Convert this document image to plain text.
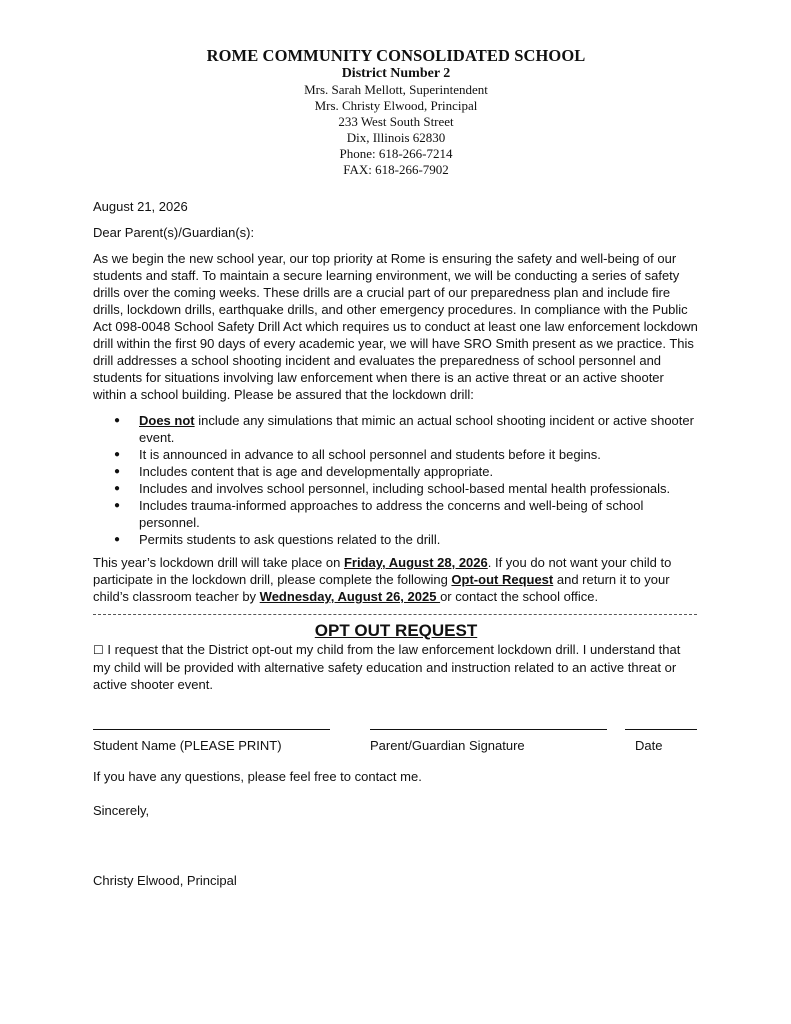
ROME COMMUNITY CONSOLIDATED SCHOOL
District Number 2
Mrs. Sarah Mellott, Superintendent
Mrs. Christy Elwood, Principal
233 West South Street
Dix, Illinois 62830
Phone: 618-266-7214
FAX: 618-266-7902
August 21, 2026
Dear Parent(s)/Guardian(s):
As we begin the new school year, our top priority at Rome is ensuring the safety and well-being of our students and staff. To maintain a secure learning environment, we will be conducting a series of safety drills over the coming weeks. These drills are a crucial part of our preparedness plan and include fire drills, lockdown drills, earthquake drills, and other emergency procedures. In compliance with the Public Act 098-0048 School Safety Drill Act which requires us to conduct at least one law enforcement lockdown drill within the first 90 days of every academic year, we will have SRO Smith present as we practice. This drill addresses a school shooting incident and evaluates the preparedness of school personnel and students for situations involving law enforcement when there is an active threat or an active shooter within a school building. Please be assured that the lockdown drill:
● Does not include any simulations that mimic an actual school shooting incident or active shooter event.
● It is announced in advance to all school personnel and students before it begins.
● Includes content that is age and developmentally appropriate.
● Includes and involves school personnel, including school-based mental health professionals.
● Includes trauma-informed approaches to address the concerns and well-being of school personnel.
● Permits students to ask questions related to the drill.
This year’s lockdown drill will take place on Friday, August 28, 2026. If you do not want your child to participate in the lockdown drill, please complete the following Opt-out Request and return it to your child’s classroom teacher by Wednesday, August 26, 2025 or contact the school office.
OPT OUT REQUEST
☐ I request that the District opt-out my child from the law enforcement lockdown drill. I understand that my child will be provided with alternative safety education and instruction related to an active threat or active shooter event.
Student Name (PLEASE PRINT)	Parent/Guardian Signature	Date
If you have any questions, please feel free to contact me.
Sincerely,
Christy Elwood, Principal
